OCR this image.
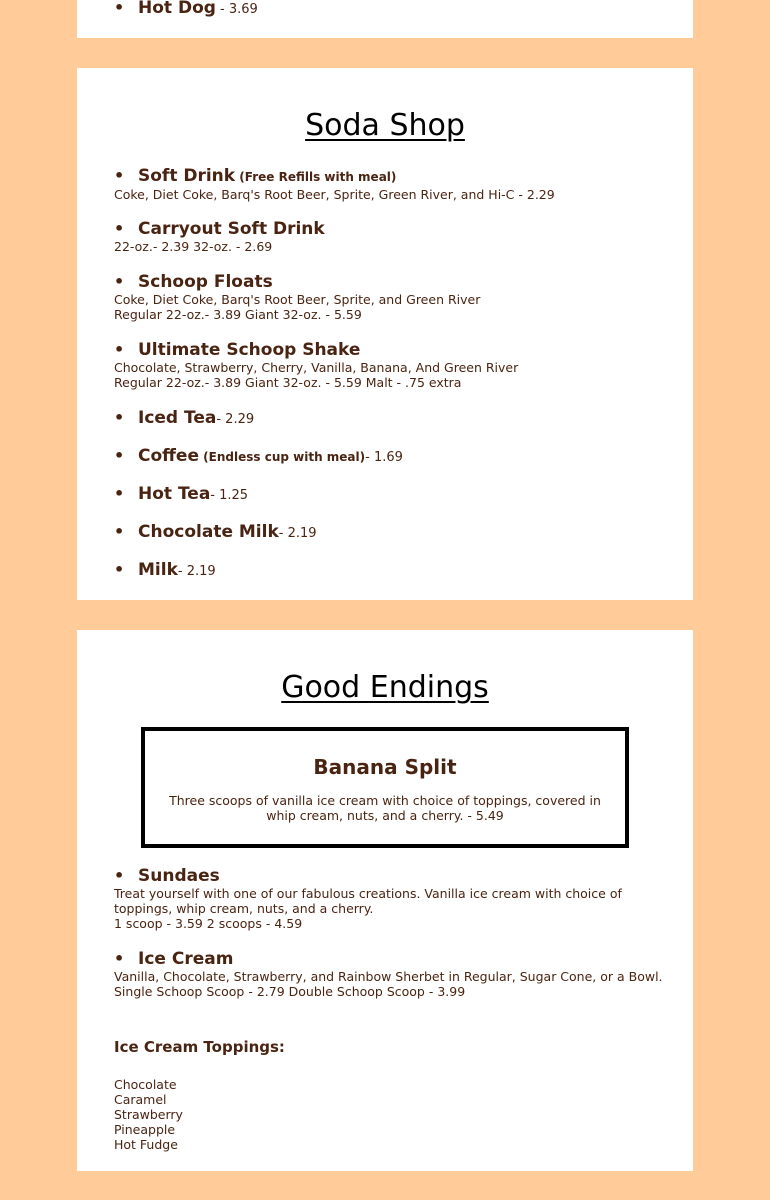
• Hot Dog - 3.69
Soda Shop
• Soft Drink (Free Refills with meal)
Coke, Diet Coke, Barq's Root Beer, Sprite, Green River, and Hi-C - 2.29
• Carryout Soft Drink
22-oz.- 2.39 32-oz. - 2.69
• Schoop Floats
Coke, Diet Coke, Barq's Root Beer, Sprite, and Green River
Regular 22-oz.- 3.89 Giant 32-oz. - 5.59
• Ultimate Schoop Shake
Chocolate, Strawberry, Cherry, Vanilla, Banana, And Green River
Regular 22-oz.- 3.89 Giant 32-oz. - 5.59 Malt - .75 extra
• Iced Tea- 2.29
• Coffee (Endless cup with meal)- 1.69
• Hot Tea- 1.25
• Chocolate Milk- 2.19
• Milk- 2.19
Good Endings
Banana Split
Three scoops of vanilla ice cream with choice of toppings, covered in whip cream, nuts, and a cherry. - 5.49
• Sundaes
Treat yourself with one of our fabulous creations. Vanilla ice cream with choice of toppings, whip cream, nuts, and a cherry.
1 scoop - 3.59 2 scoops - 4.59
• Ice Cream
Vanilla, Chocolate, Strawberry, and Rainbow Sherbet in Regular, Sugar Cone, or a Bowl.
Single Schoop Scoop - 2.79 Double Schoop Scoop - 3.99
Ice Cream Toppings:
Chocolate
Caramel
Strawberry
Pineapple
Hot Fudge
